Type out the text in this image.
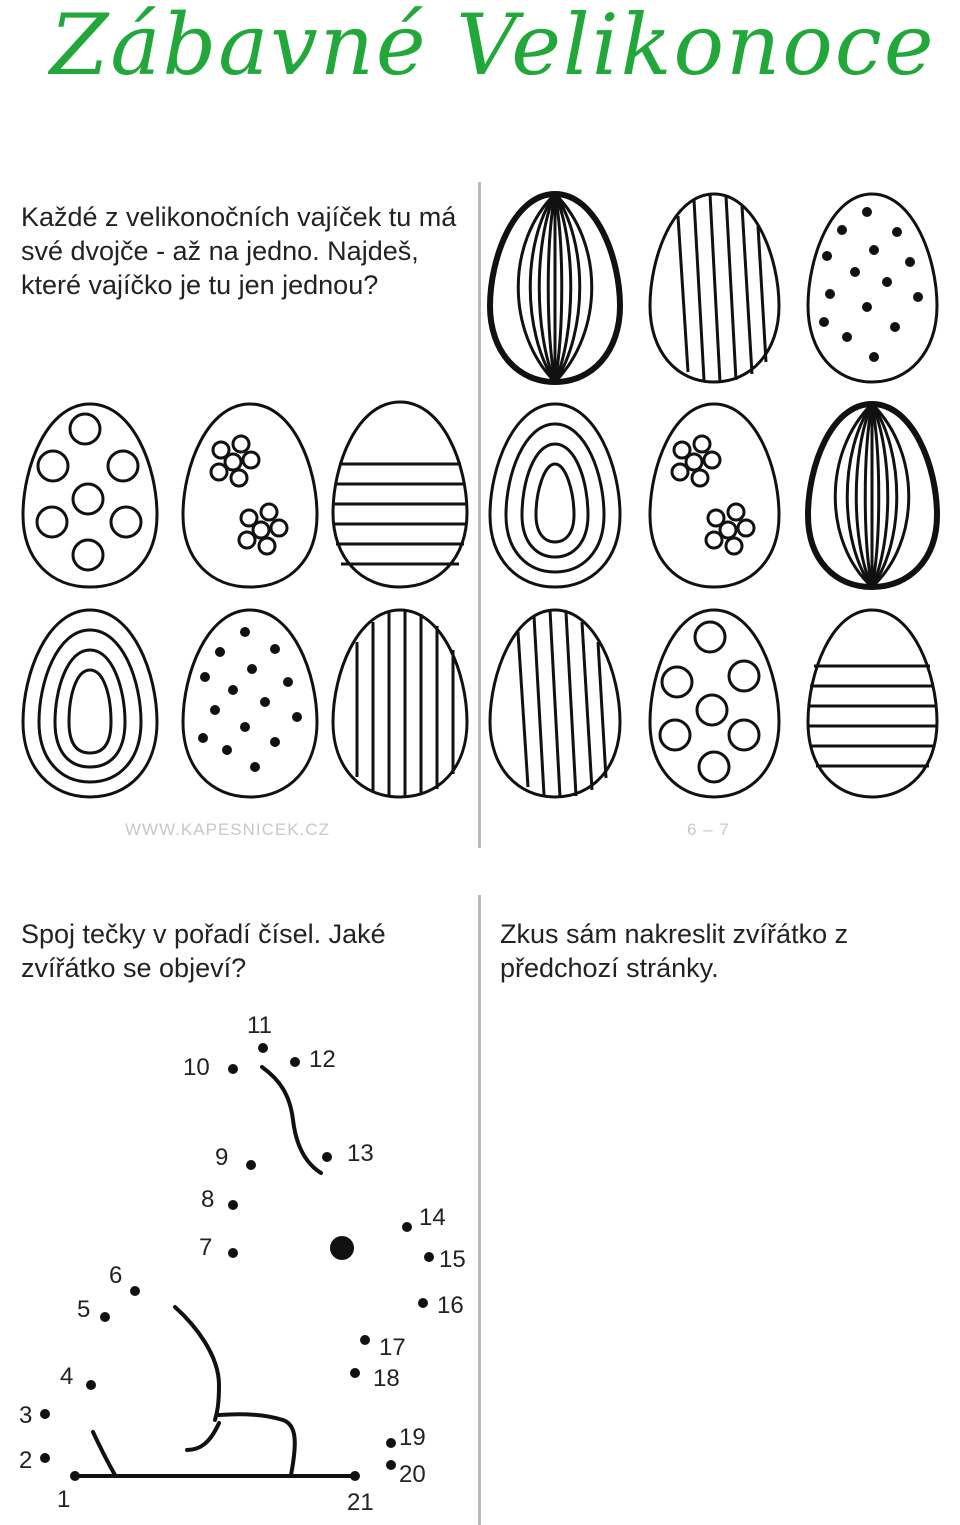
Zábavné Velikonoce
Každé z velikonočních vajíček tu má své dvojče - až na jedno. Najdeš, které vajíčko je tu jen jednou?
WWW.KAPESNICEK.CZ	6 – 7
Spoj tečky v pořadí čísel. Jaké zvířátko se objeví?
1
2
3
4
5
6
7
8
9
10
11
12
13
14
15
16
17
18
19
20
21
Zkus sám nakreslit zvířátko z předchozí stránky.
